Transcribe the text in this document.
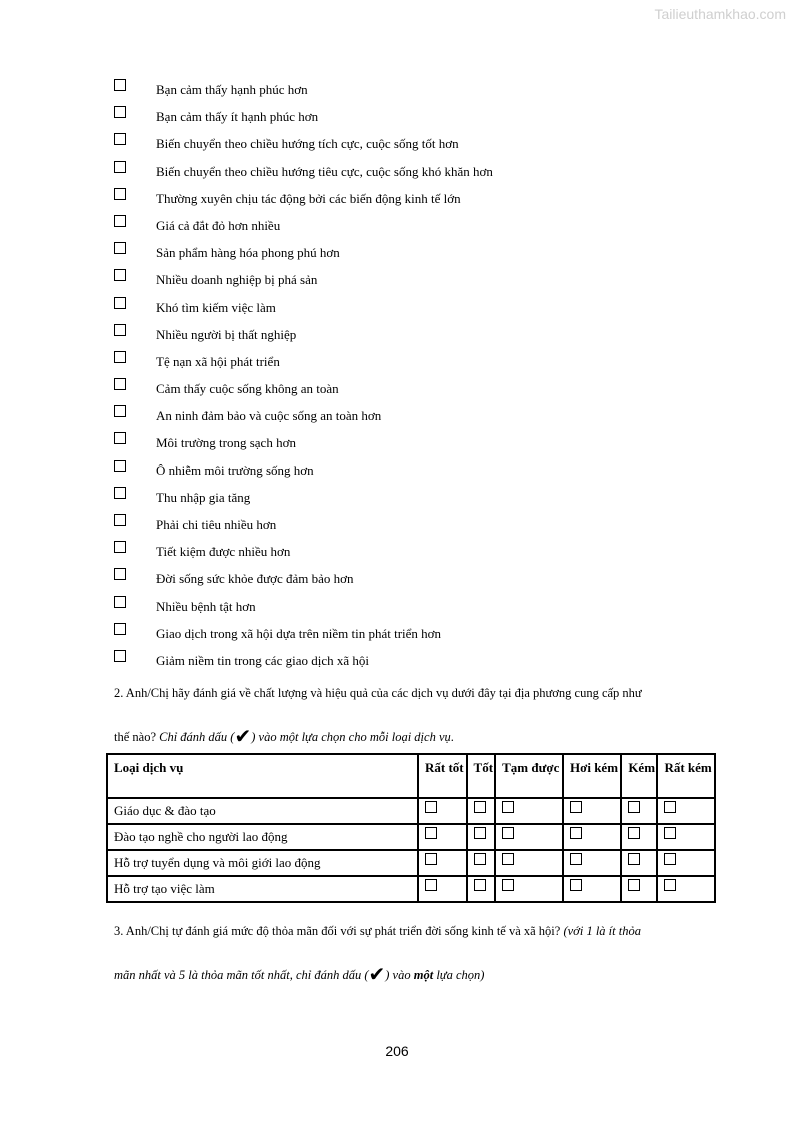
Tailieuthamkhao.com
Bạn cảm thấy hạnh phúc hơn
Bạn cảm thấy ít hạnh phúc hơn
Biến chuyển theo chiều hướng tích cực, cuộc sống tốt hơn
Biến chuyển theo chiều hướng tiêu cực, cuộc sống khó khăn hơn
Thường xuyên chịu tác động bởi các biến động kinh tế lớn
Giá cả đắt đỏ hơn nhiều
Sản phẩm hàng hóa phong phú hơn
Nhiều doanh nghiệp bị phá sản
Khó tìm kiếm việc làm
Nhiều người bị thất nghiệp
Tệ nạn xã hội phát triển
Cảm thấy cuộc sống không an toàn
An ninh đảm bảo và cuộc sống an toàn hơn
Môi trường trong sạch hơn
Ô nhiễm môi trường sống hơn
Thu nhập gia tăng
Phải chi tiêu nhiều hơn
Tiết kiệm được nhiều hơn
Đời sống sức khỏe được đảm bảo hơn
Nhiều bệnh tật hơn
Giao dịch trong xã hội dựa trên niềm tin phát triển hơn
Giảm niềm tin trong các giao dịch xã hội
2. Anh/Chị hãy đánh giá về chất lượng và hiệu quả của các dịch vụ dưới đây tại địa phương cung cấp như
thế nào? Chỉ đánh dấu (✔) vào một lựa chọn cho mỗi loại dịch vụ.
Loại dịch vụ	Rất tốt	Tốt	Tạm được	Hơi kém	Kém	Rất kém
Giáo dục & đào tạo						
Đào tạo nghề cho người lao động						
Hỗ trợ tuyển dụng và môi giới lao động						
Hỗ trợ tạo việc làm						
3. Anh/Chị tự đánh giá mức độ thỏa mãn đối với sự phát triển đời sống kinh tế và xã hội? (với 1 là ít thỏa
mãn nhất và 5 là thỏa mãn tốt nhất, chỉ đánh dấu (✔) vào một lựa chọn)
206
